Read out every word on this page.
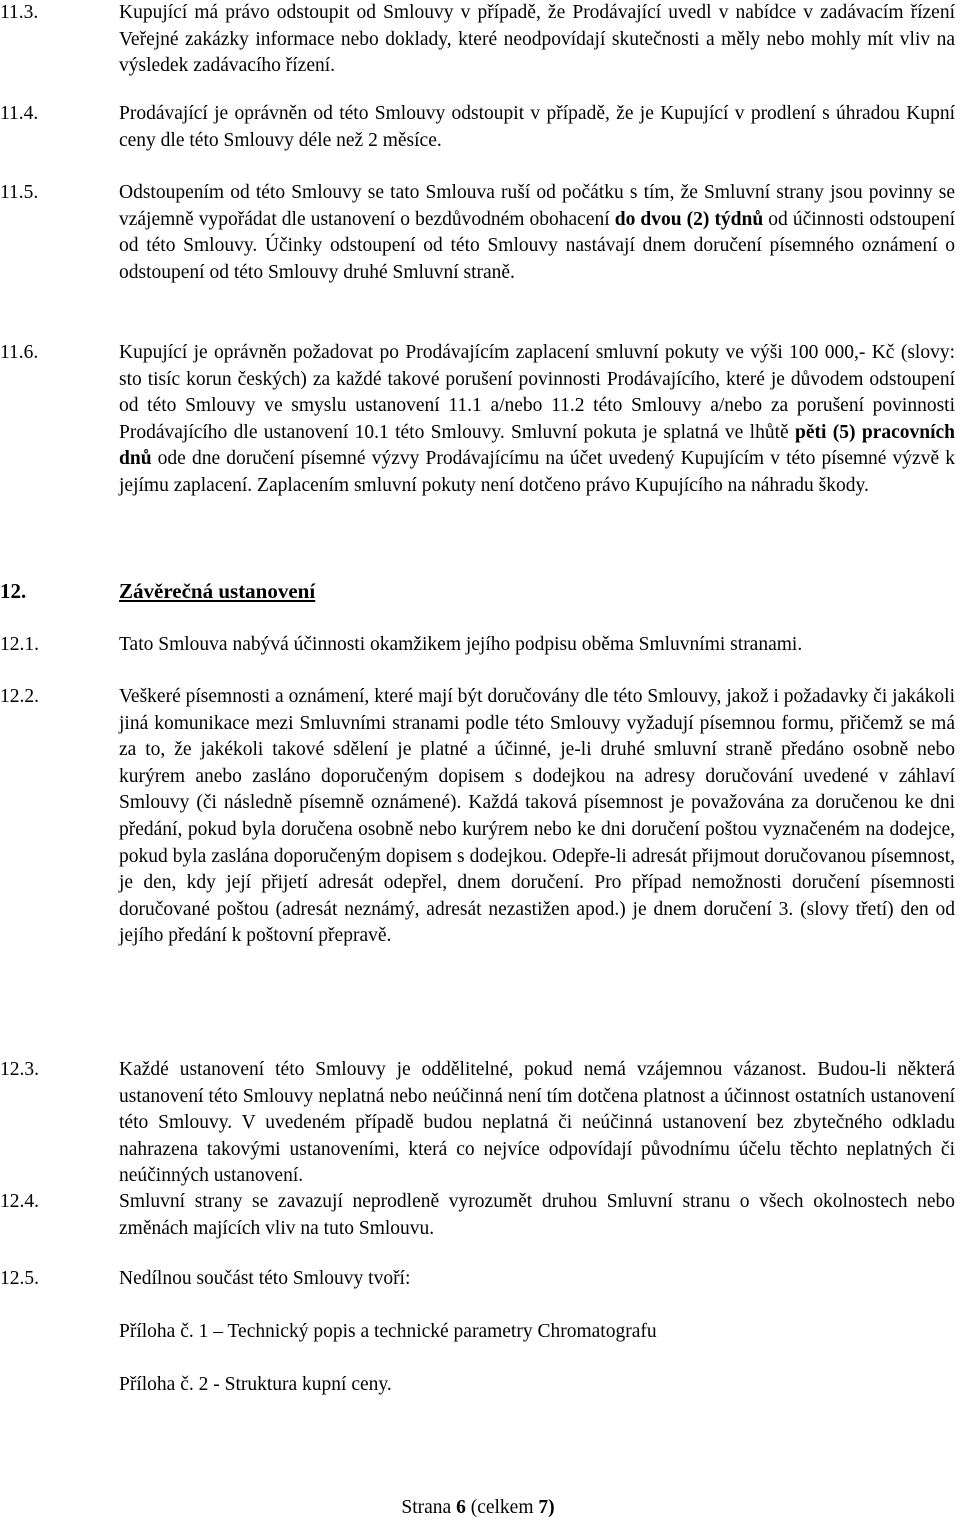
11.3.	Kupující má právo odstoupit od Smlouvy v případě, že Prodávající uvedl v nabídce v zadávacím řízení Veřejné zakázky informace nebo doklady, které neodpovídají skutečnosti a měly nebo mohly mít vliv na výsledek zadávacího řízení.

11.4.	Prodávající je oprávněn od této Smlouvy odstoupit v případě, že je Kupující v prodlení s úhradou Kupní ceny dle této Smlouvy déle než 2 měsíce.

11.5.	Odstoupením od této Smlouvy se tato Smlouva ruší od počátku s tím, že Smluvní strany jsou povinny se vzájemně vypořádat dle ustanovení o bezdůvodném obohacení do dvou (2) týdnů od účinnosti odstoupení od této Smlouvy. Účinky odstoupení od této Smlouvy nastávají dnem doručení písemného oznámení o odstoupení od této Smlouvy druhé Smluvní straně.

11.6.	Kupující je oprávněn požadovat po Prodávajícím zaplacení smluvní pokuty ve výši 100 000,- Kč (slovy: sto tisíc korun českých) za každé takové porušení povinnosti Prodávajícího, které je důvodem odstoupení od této Smlouvy ve smyslu ustanovení 11.1 a/nebo 11.2 této Smlouvy a/nebo za porušení povinnosti Prodávajícího dle ustanovení 10.1 této Smlouvy. Smluvní pokuta je splatná ve lhůtě pěti (5) pracovních dnů ode dne doručení písemné výzvy Prodávajícímu na účet uvedený Kupujícím v této písemné výzvě k jejímu zaplacení. Zaplacením smluvní pokuty není dotčeno právo Kupujícího na náhradu škody.

12.	Závěrečná ustanovení
12.1.	Tato Smlouva nabývá účinnosti okamžikem jejího podpisu oběma Smluvními stranami.

12.2.	Veškeré písemnosti a oznámení, které mají být doručovány dle této Smlouvy, jakož i požadavky či jakákoli jiná komunikace mezi Smluvními stranami podle této Smlouvy vyžadují písemnou formu, přičemž se má za to, že jakékoli takové sdělení je platné a účinné, je-li druhé smluvní straně předáno osobně nebo kurýrem anebo zasláno doporučeným dopisem s dodejkou na adresy doručování uvedené v záhlaví Smlouvy (či následně písemně oznámené). Každá taková písemnost je považována za doručenou ke dni předání, pokud byla doručena osobně nebo kurýrem nebo ke dni doručení poštou vyznačeném na dodejce, pokud byla zaslána doporučeným dopisem s dodejkou. Odepře-li adresát přijmout doručovanou písemnost, je den, kdy její přijetí adresát odepřel, dnem doručení. Pro případ nemožnosti doručení písemnosti doručované poštou (adresát neznámý, adresát nezastižen apod.) je dnem doručení 3. (slovy třetí) den od jejího předání k poštovní přepravě.

12.3.	Každé ustanovení této Smlouvy je oddělitelné, pokud nemá vzájemnou vázanost. Budou-li některá ustanovení této Smlouvy neplatná nebo neúčinná není tím dotčena platnost a účinnost ostatních ustanovení této Smlouvy. V uvedeném případě budou neplatná či neúčinná ustanovení bez zbytečného odkladu nahrazena takovými ustanoveními, která co nejvíce odpovídají původnímu účelu těchto neplatných či neúčinných ustanovení.

12.4.	Smluvní strany se zavazují neprodleně vyrozumět druhou Smluvní stranu o všech okolnostech nebo změnách majících vliv na tuto Smlouvu.

12.5.	Nedílnou součást této Smlouvy tvoří:

Příloha č. 1 – Technický popis a technické parametry Chromatografu
Příloha č. 2 - Struktura kupní ceny.
Strana 6 (celkem 7)
